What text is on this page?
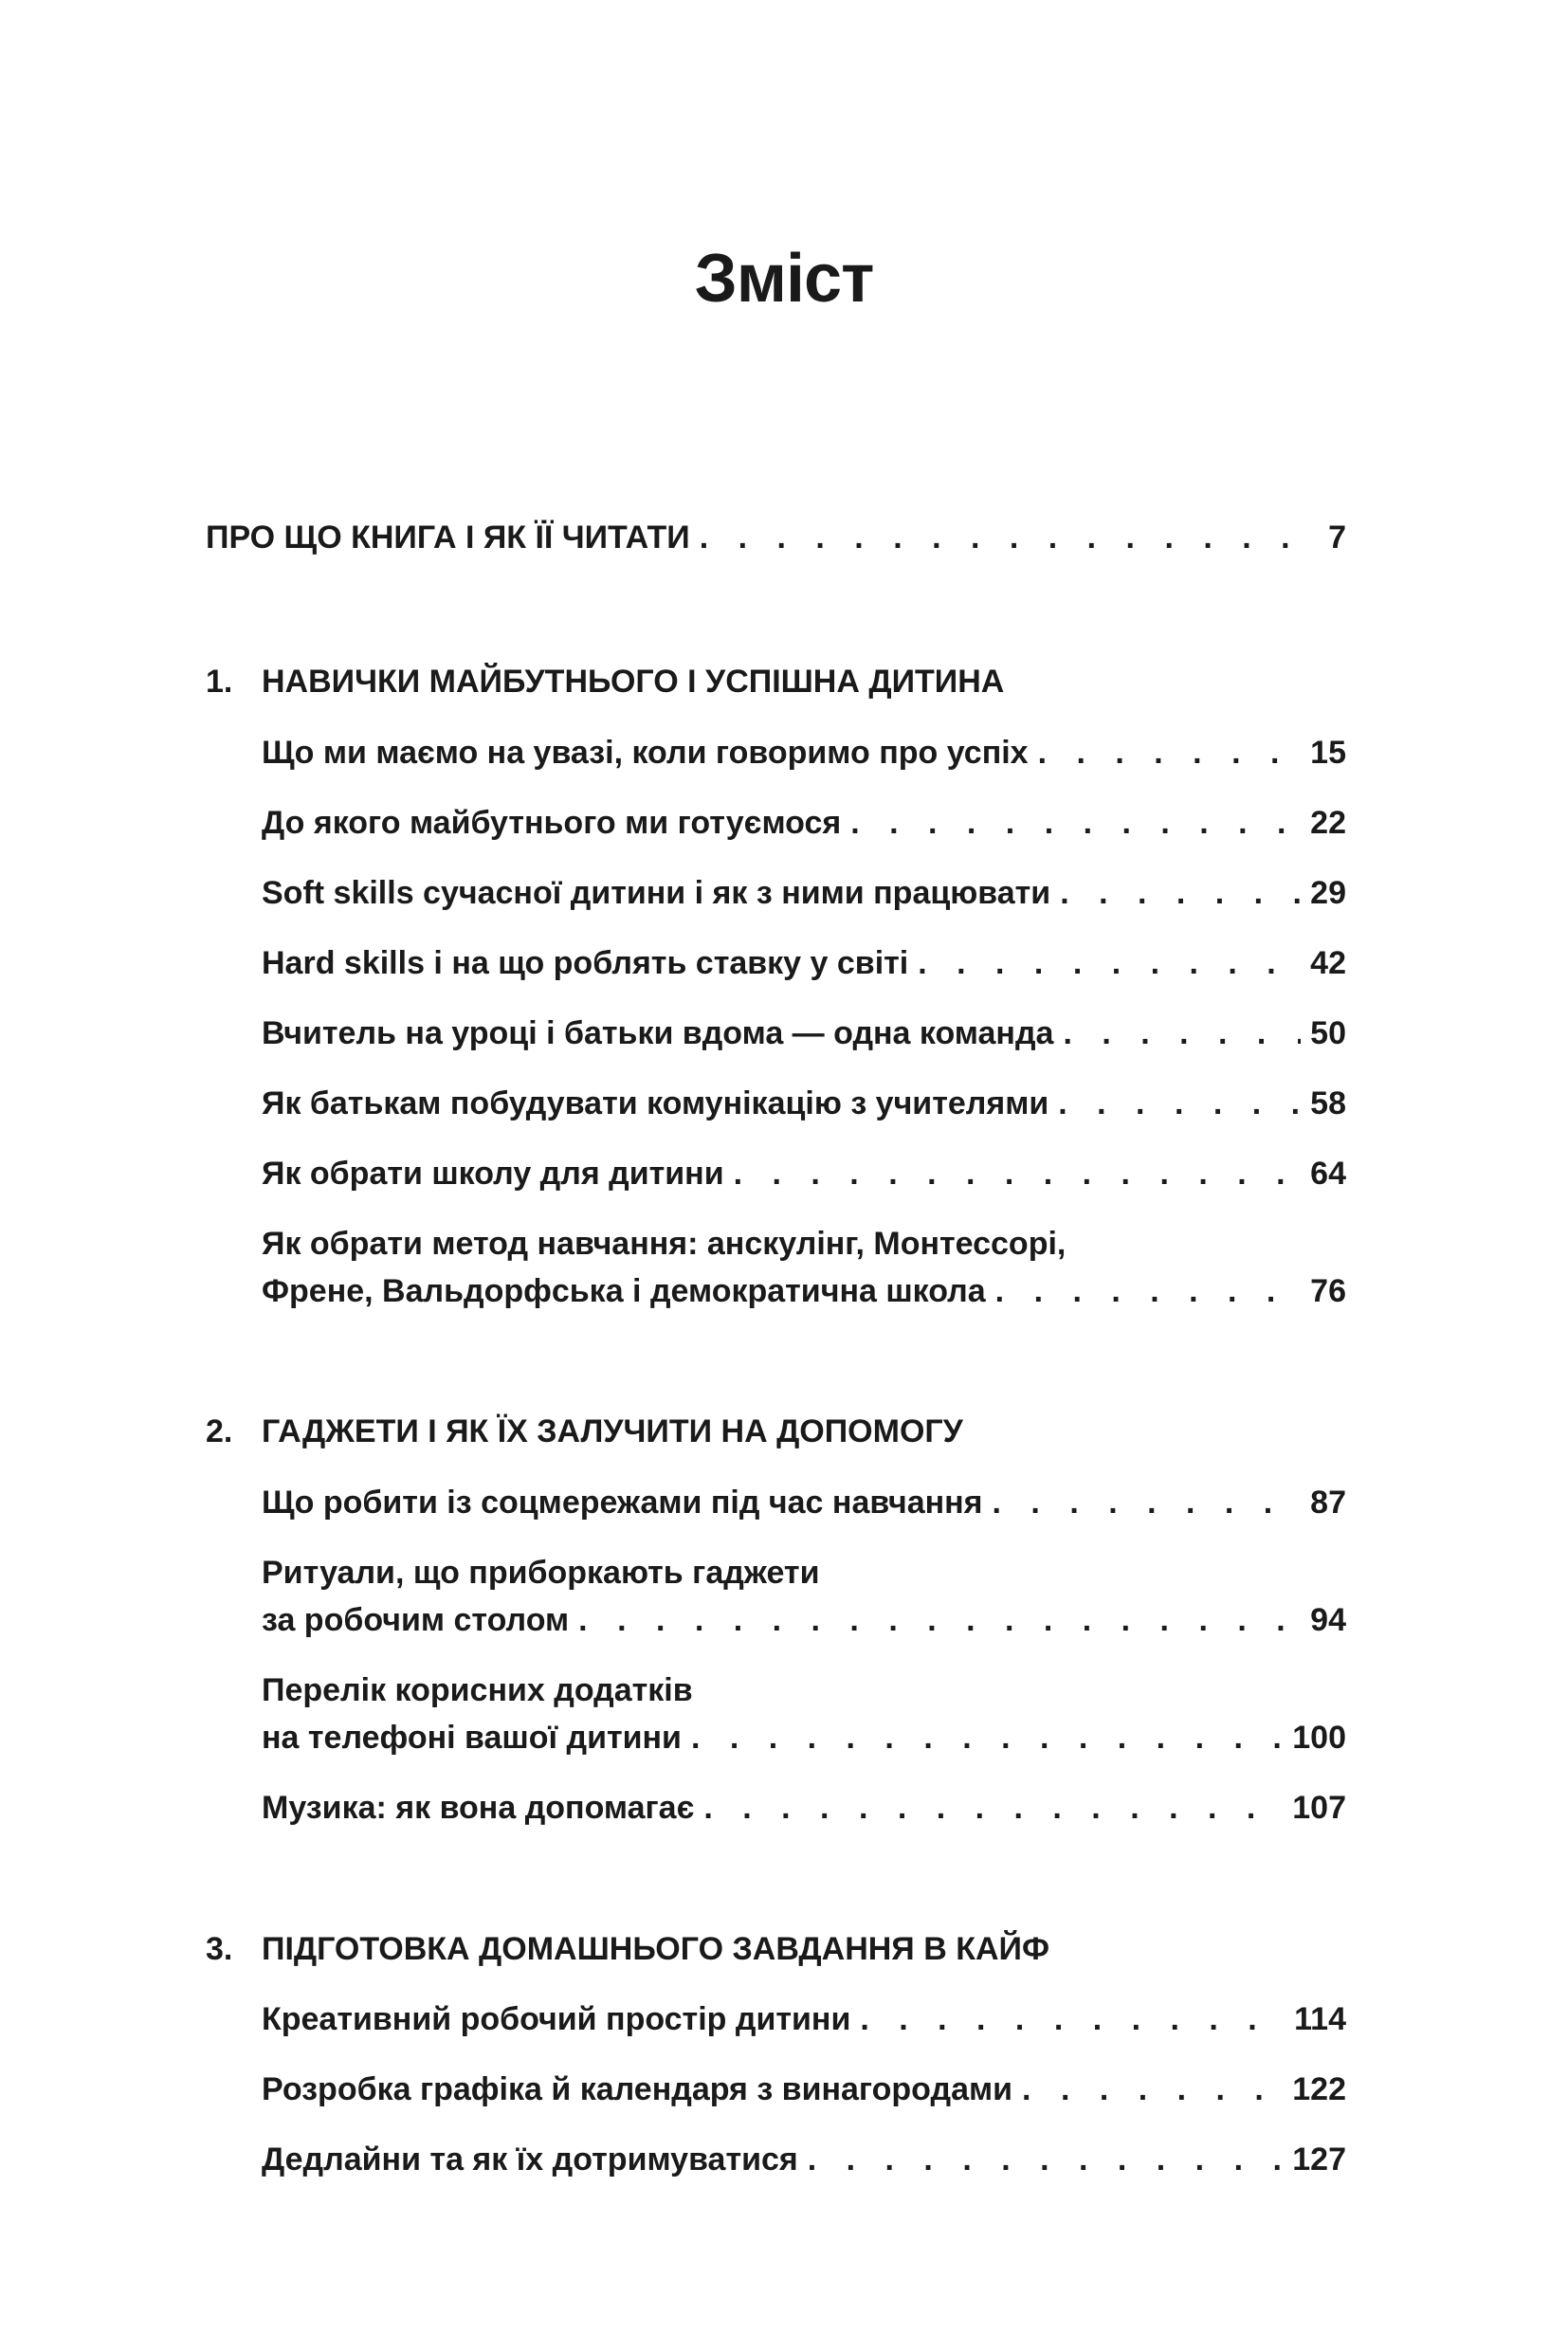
Зміст
ПРО ЩО КНИГА І ЯК ЇЇ ЧИТАТИ . . .	7
1. НАВИЧКИ МАЙБУТНЬОГО І УСПІШНА ДИТИНА
Що ми маємо на увазі, коли говоримо про успіх . . .	15
До якого майбутнього ми готуємося . . .	22
Soft skills сучасної дитини і як з ними працювати . . .	29
Hard skills і на що роблять ставку у світі . . .	42
Вчитель на уроці і батьки вдома — одна команда . . .	50
Як батькам побудувати комунікацію з учителями . . .	58
Як обрати школу для дитини . . .	64
Як обрати метод навчання: анскулінг, Монтессорі,
Френе, Вальдорфська і демократична школа . . .	76
2. ГАДЖЕТИ І ЯК ЇХ ЗАЛУЧИТИ НА ДОПОМОГУ
Що робити із соцмережами під час навчання . . .	87
Ритуали, що приборкають гаджети
за робочим столом . . .	94
Перелік корисних додатків
на телефоні вашої дитини . . .	100
Музика: як вона допомагає . . .	107
3. ПІДГОТОВКА ДОМАШНЬОГО ЗАВДАННЯ В КАЙФ
Креативний робочий простір дитини . . .	114
Розробка графіка й календаря з винагородами . . .	122
Дедлайни та як їх дотримуватися . . .	127
